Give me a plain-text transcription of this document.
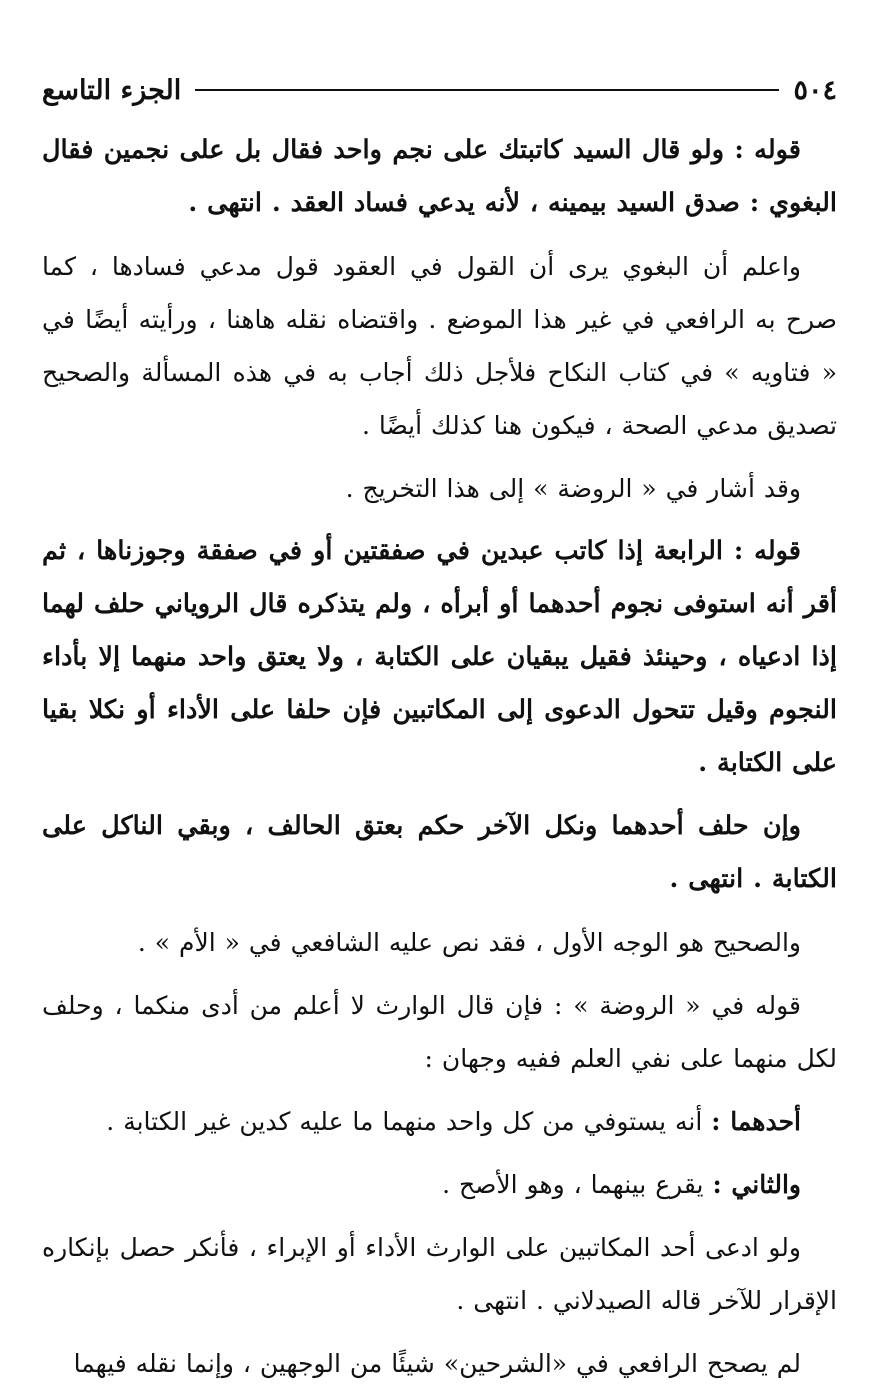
٥٠٤
الجزء التاسع

قوله : ولو قال السيد كاتبتك على نجم واحد فقال بل على نجمين فقال البغوي : صدق السيد بيمينه ، لأنه يدعي فساد العقد . انتهى .

واعلم أن البغوي يرى أن القول في العقود قول مدعي فسادها ، كما صرح به الرافعي في غير هذا الموضع . واقتضاه نقله هاهنا ، ورأيته أيضًا في « فتاويه » في كتاب النكاح فلأجل ذلك أجاب به في هذه المسألة والصحيح تصديق مدعي الصحة ، فيكون هنا كذلك أيضًا .

وقد أشار في « الروضة » إلى هذا التخريج .

قوله : الرابعة إذا كاتب عبدين في صفقتين أو في صفقة وجوزناها ، ثم أقر أنه استوفى نجوم أحدهما أو أبرأه ، ولم يتذكره قال الروياني حلف لهما إذا ادعياه ، وحينئذ فقيل يبقيان على الكتابة ، ولا يعتق واحد منهما إلا بأداء النجوم وقيل تتحول الدعوى إلى المكاتبين فإن حلفا على الأداء أو نكلا بقيا على الكتابة .

وإن حلف أحدهما ونكل الآخر حكم بعتق الحالف ، وبقي الناكل على الكتابة . انتهى .

والصحيح هو الوجه الأول ، فقد نص عليه الشافعي في « الأم » .

قوله في « الروضة » : فإن قال الوارث لا أعلم من أدى منكما ، وحلف لكل منهما على نفي العلم ففيه وجهان :

أحدهما : أنه يستوفي من كل واحد منهما ما عليه كدين غير الكتابة .

والثاني : يقرع بينهما ، وهو الأصح .

ولو ادعى أحد المكاتبين على الوارث الأداء أو الإبراء ، فأنكر حصل بإنكاره الإقرار للآخر قاله الصيدلاني . انتهى .

لم يصحح الرافعي في «الشرحين» شيئًا من الوجهين ، وإنما نقله فيهما
